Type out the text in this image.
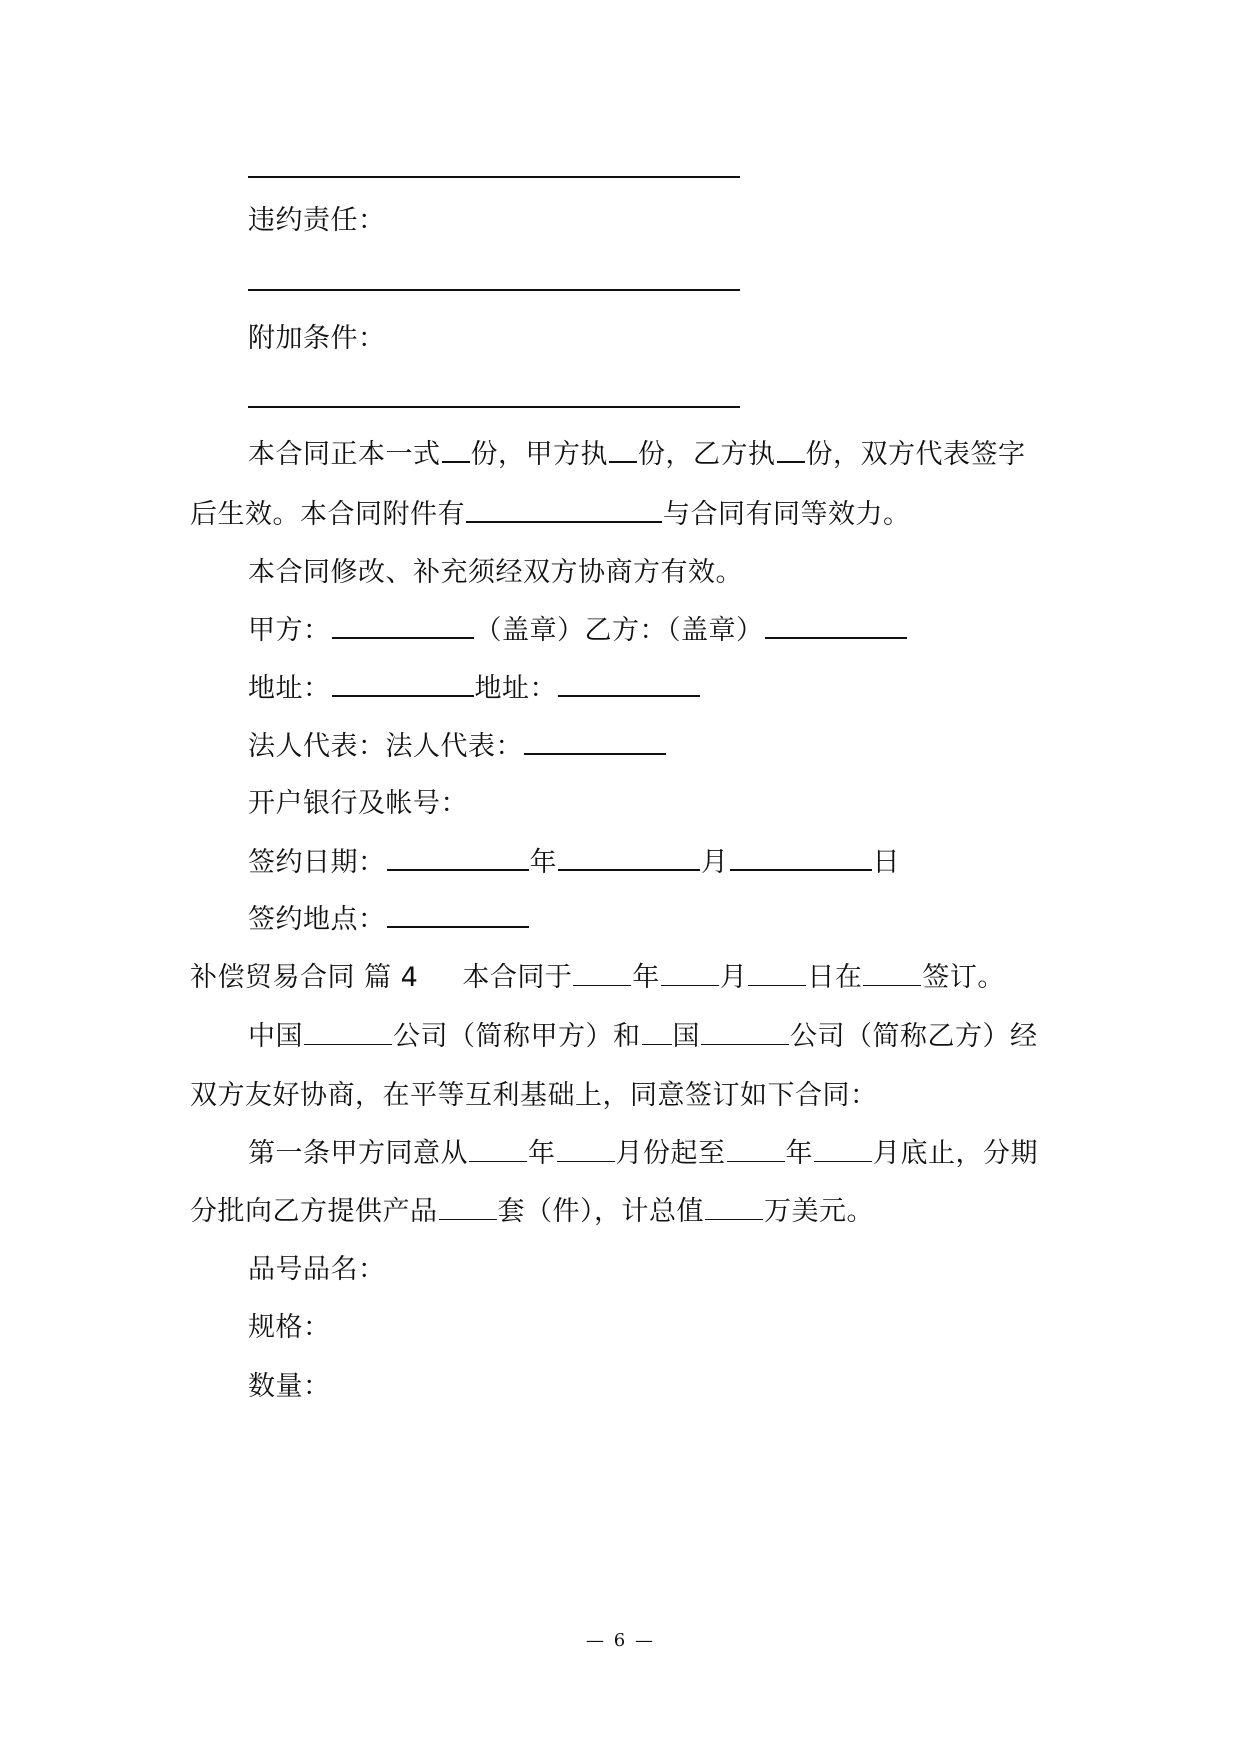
违约责任：
附加条件：
本合同正本一式 份，甲方执 份，乙方执 份，双方代表签字
后生效。本合同附件有	与合同有同等效力。
本合同修改、补充须经双方协商方有效。
甲方：	（盖章）乙方：（盖章）
地址：	地址：
法人代表：法人代表：
开户银行及帐号：
签约日期：	年	月	日
签约地点：
补偿贸易合同 篇 4 本合同于 年 月 日在 签订。
中国	公司（简称甲方）和 国	公司（简称乙方）经
双方友好协商，在平等互利基础上，同意签订如下合同：
第一条甲方同意从 年 月份起至 年 月底止，分期
分批向乙方提供产品 套（件），计总值 万美元。
品号品名：
规格：
数量：
— 6 —
